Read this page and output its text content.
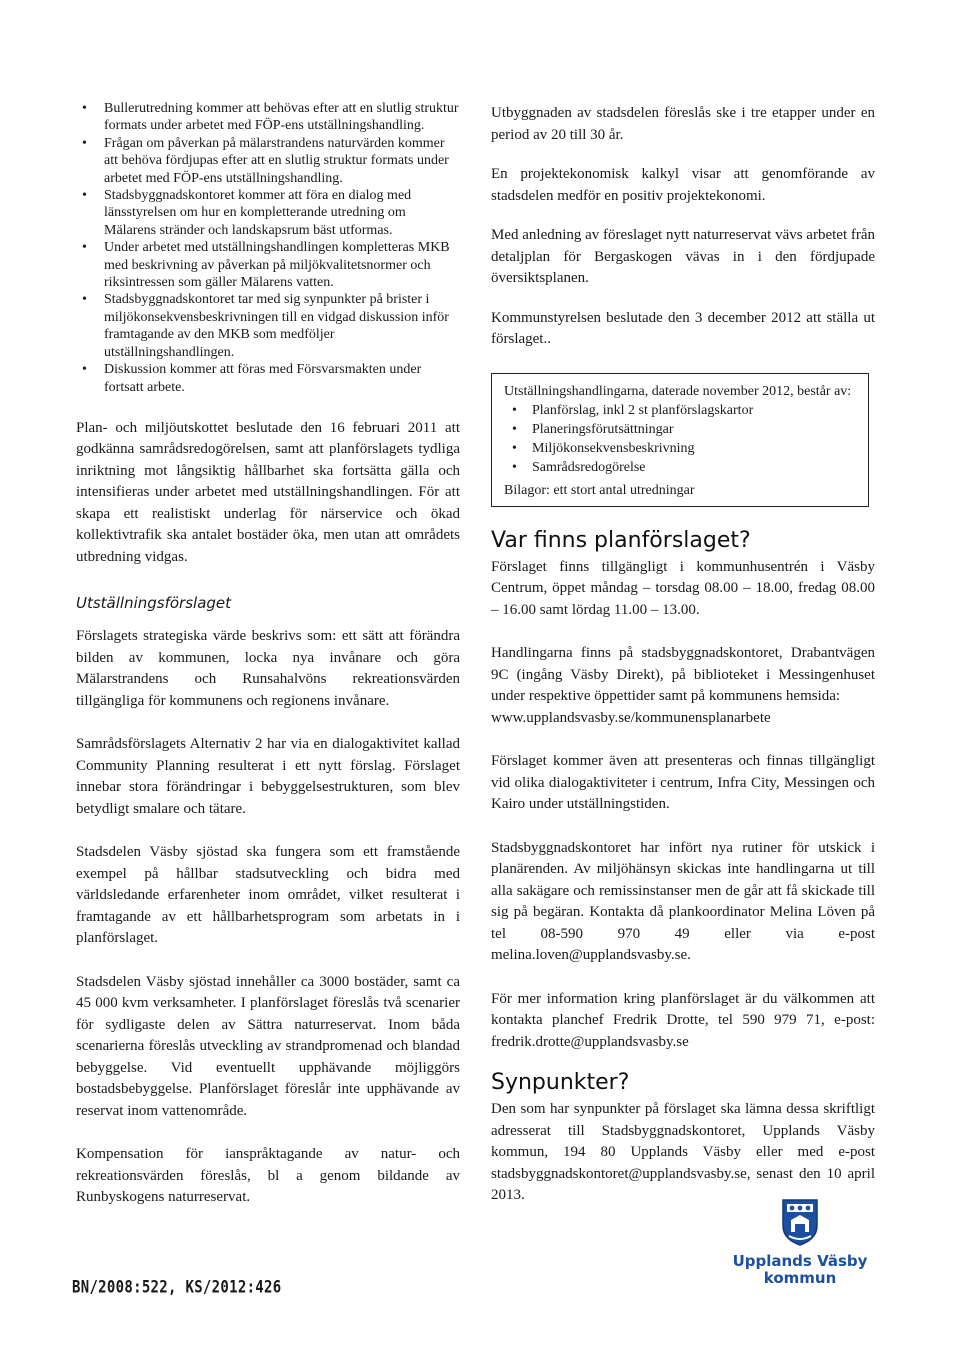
• Bullerutredning kommer att behövas efter att en slutlig struktur formats under arbetet med FÖP-ens utställningshandling.
• Frågan om påverkan på mälarstrandens naturvärden kommer att behöva fördjupas efter att en slutlig struktur formats under arbetet med FÖP-ens utställningshandling.
• Stadsbyggnadskontoret kommer att föra en dialog med länsstyrelsen om hur en kompletterande utredning om Mälarens stränder och landskapsrum bäst utformas.
• Under arbetet med utställningshandlingen kompletteras MKB med beskrivning av påverkan på miljökvalitetsnormer och riksintressen som gäller Mälarens vatten.
• Stadsbyggnadskontoret tar med sig synpunkter på brister i miljökonsekvensbeskrivningen till en vidgad diskussion inför framtagande av den MKB som medföljer utställningshandlingen.
• Diskussion kommer att föras med Försvarsmakten under fortsatt arbete.

Plan- och miljöutskottet beslutade den 16 februari 2011 att godkänna samrådsredogörelsen, samt att planförslagets tydliga inriktning mot långsiktig hållbarhet ska fortsätta gälla och intensifieras under arbetet med utställningshandlingen. För att skapa ett realistiskt underlag för närservice och ökad kollektivtrafik ska antalet bostäder öka, men utan att områdets utbredning vidgas.

Utställningsförslaget

Förslagets strategiska värde beskrivs som: ett sätt att förändra bilden av kommunen, locka nya invånare och göra Mälarstrandens och Runsahalvöns rekreationsvärden tillgängliga för kommunens och regionens invånare.

Samrådsförslagets Alternativ 2 har via en dialogaktivitet kallad Community Planning resulterat i ett nytt förslag. Förslaget innebar stora förändringar i bebyggelsestrukturen, som blev betydligt smalare och tätare.

Stadsdelen Väsby sjöstad ska fungera som ett framstående exempel på hållbar stadsutveckling och bidra med världsledande erfarenheter inom området, vilket resulterat i framtagande av ett hållbarhetsprogram som arbetats in i planförslaget.

Stadsdelen Väsby sjöstad innehåller ca 3000 bostäder, samt ca 45 000 kvm verksamheter. I planförslaget föreslås två scenarier för sydligaste delen av Sättra naturreservat. Inom båda scenarierna föreslås utveckling av strandpromenad och blandad bebyggelse. Vid eventuellt upphävande möjliggörs bostadsbebyggelse. Planförslaget föreslår inte upphävande av reservat inom vattenområde.

Kompensation för ianspråktagande av natur- och rekreationsvärden föreslås, bl a genom bildande av Runbyskogens naturreservat.

Utbyggnaden av stadsdelen föreslås ske i tre etapper under en period av 20 till 30 år.

En projektekonomisk kalkyl visar att genomförande av stadsdelen medför en positiv projektekonomi.

Med anledning av föreslaget nytt naturreservat vävs arbetet från detaljplan för Bergaskogen vävas in i den fördjupade översiktsplanen.

Kommunstyrelsen beslutade den 3 december 2012 att ställa ut förslaget..

Utställningshandlingarna, daterade november 2012, består av:
• Planförslag, inkl 2 st planförslagskartor
• Planeringsförutsättningar
• Miljökonsekvensbeskrivning
• Samrådsredogörelse
Bilagor: ett stort antal utredningar
Var finns planförslaget?

Förslaget finns tillgängligt i kommunhusentrén i Väsby Centrum, öppet måndag – torsdag 08.00 – 18.00, fredag 08.00 – 16.00 samt lördag 11.00 – 13.00.

Handlingarna finns på stadsbyggnadskontoret, Drabantvägen 9C (ingång Väsby Direkt), på biblioteket i Messingenhuset under respektive öppettider samt på kommunens hemsida:

www.upplandsvasby.se/kommunensplanarbete

Förslaget kommer även att presenteras och finnas tillgängligt vid olika dialogaktiviteter i centrum, Infra City, Messingen och Kairo under utställningstiden.

Stadsbyggnadskontoret har infört nya rutiner för utskick i planärenden. Av miljöhänsyn skickas inte handlingarna ut till alla sakägare och remissinstanser men de går att få skickade till sig på begäran. Kontakta då plankoordinator Melina Löven på tel 08-590 970 49 eller via e-post melina.loven@upplandsvasby.se.

För mer information kring planförslaget är du välkommen att kontakta planchef Fredrik Drotte, tel 590 979 71, e-post: fredrik.drotte@upplandsvasby.se

Synpunkter?

Den som har synpunkter på förslaget ska lämna dessa skriftligt adresserat till Stadsbyggnadskontoret, Upplands Väsby kommun, 194 80 Upplands Väsby eller med e-post stadsbyggnadskontoret@upplandsvasby.se, senast den 10 april 2013.

BN/2008:522, KS/2012:426
Upplands Väsby
kommun
